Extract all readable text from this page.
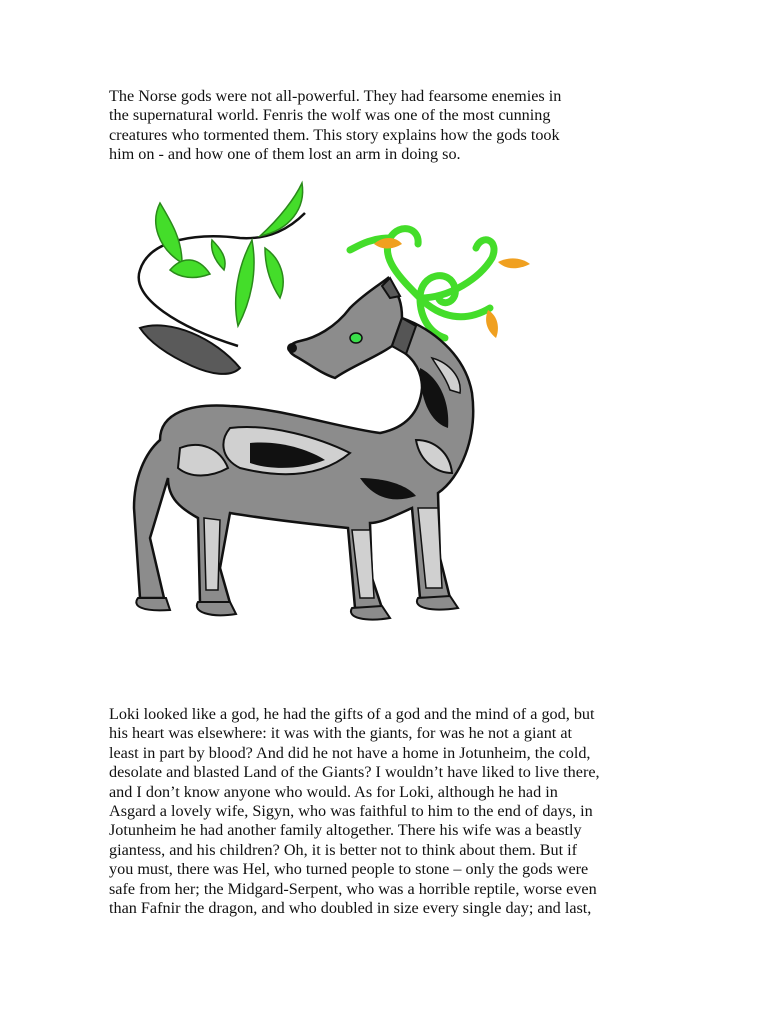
The Norse gods were not all-powerful. They had fearsome enemies in
the supernatural world. Fenris the wolf was one of the most cunning
creatures who tormented them. This story explains how the gods took
him on - and how one of them lost an arm in doing so.

Loki looked like a god, he had the gifts of a god and the mind of a god, but
his heart was elsewhere: it was with the giants, for was he not a giant at
least in part by blood? And did he not have a home in Jotunheim, the cold,
desolate and blasted Land of the Giants? I wouldn’t have liked to live there,
and I don’t know anyone who would. As for Loki, although he had in
Asgard a lovely wife, Sigyn, who was faithful to him to the end of days, in
Jotunheim he had another family altogether. There his wife was a beastly
giantess, and his children? Oh, it is better not to think about them. But if
you must, there was Hel, who turned people to stone – only the gods were
safe from her; the Midgard-Serpent, who was a horrible reptile, worse even
than Fafnir the dragon, and who doubled in size every single day; and last,
